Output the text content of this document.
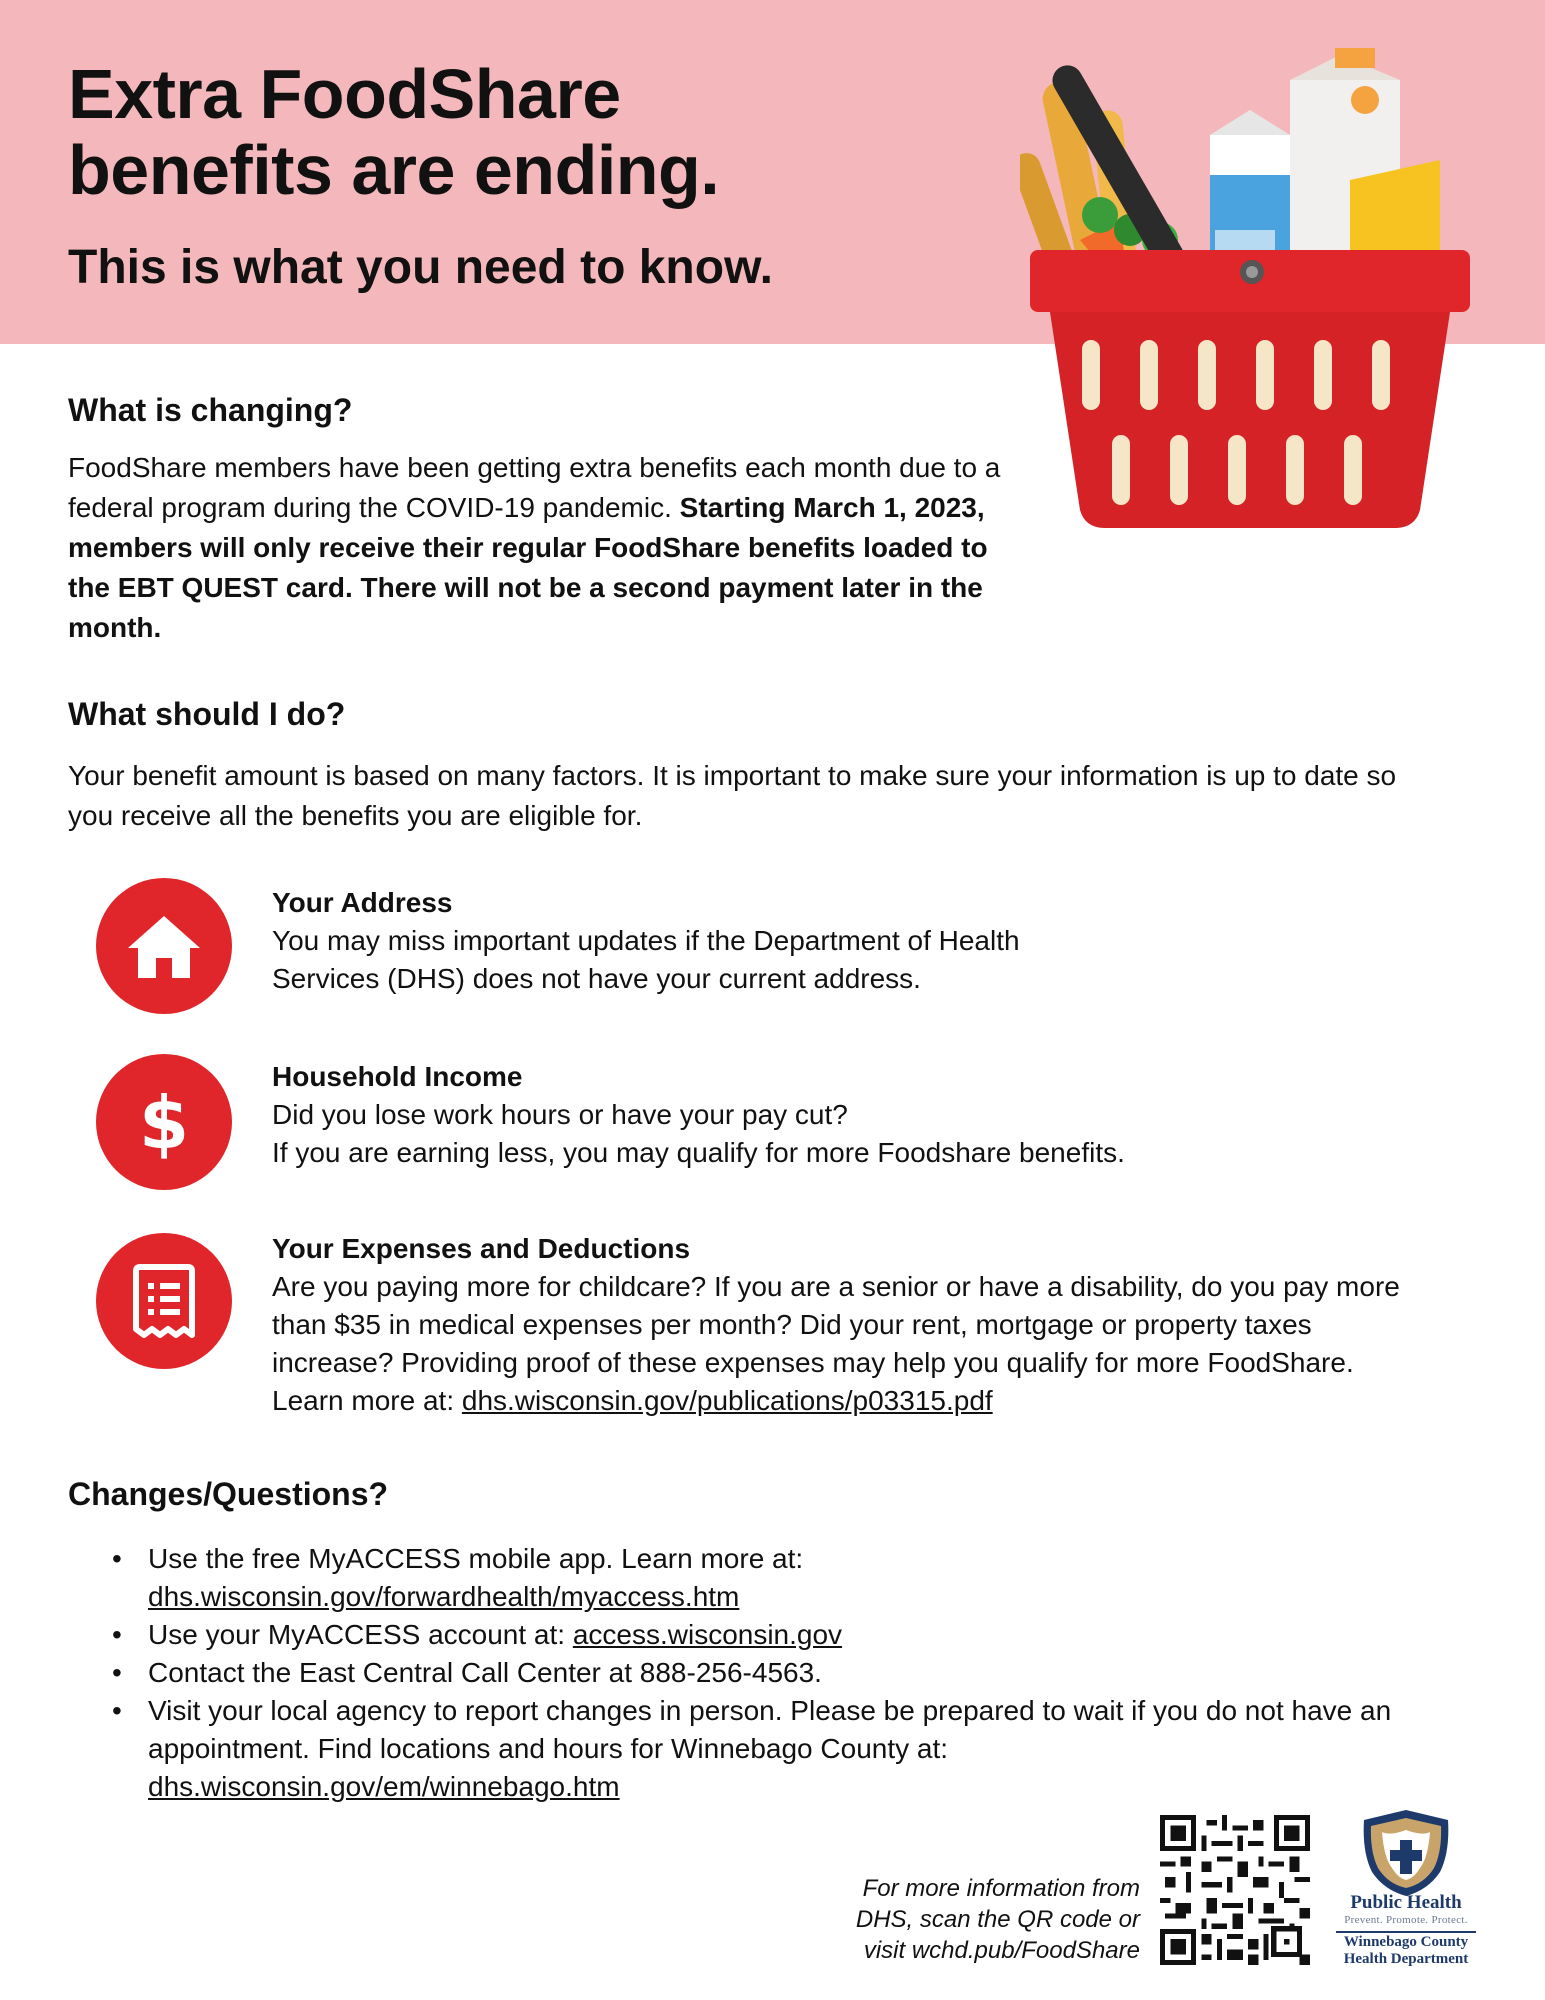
Extra FoodShare
benefits are ending.
This is what you need to know.
What is changing?
FoodShare members have been getting extra benefits each month due to a federal program during the COVID-19 pandemic. Starting March 1, 2023, members will only receive their regular FoodShare benefits loaded to the EBT QUEST card. There will not be a second payment later in the month.
What should I do?
Your benefit amount is based on many factors. It is important to make sure your information is up to date so you receive all the benefits you are eligible for.
Your Address
You may miss important updates if the Department of Health Services (DHS) does not have your current address.
$
Household Income
Did you lose work hours or have your pay cut?
If you are earning less, you may qualify for more Foodshare benefits.
Your Expenses and Deductions
Are you paying more for childcare? If you are a senior or have a disability, do you pay more than $35 in medical expenses per month? Did your rent, mortgage or property taxes increase? Providing proof of these expenses may help you qualify for more FoodShare. Learn more at: dhs.wisconsin.gov/publications/p03315.pdf
Changes/Questions?
• Use the free MyACCESS mobile app. Learn more at:
dhs.wisconsin.gov/forwardhealth/myaccess.htm
• Use your MyACCESS account at: access.wisconsin.gov
• Contact the East Central Call Center at 888-256-4563.
• Visit your local agency to report changes in person. Please be prepared to wait if you do not have an appointment. Find locations and hours for Winnebago County at: dhs.wisconsin.gov/em/winnebago.htm
For more information from
DHS, scan the QR code or
visit wchd.pub/FoodShare
Public Health
Prevent. Promote. Protect.
Winnebago County
Health Department
